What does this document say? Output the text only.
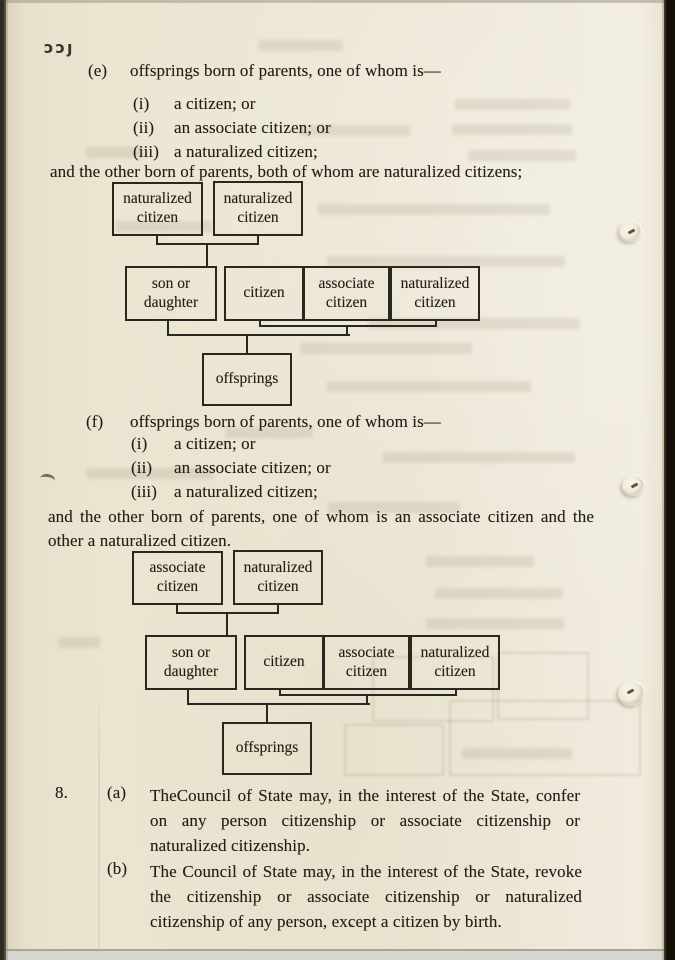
ɔɔȷ
(e) offsprings born of parents, one of whom is—
(i) a citizen; or
(ii) an associate citizen; or
(iii) a naturalized citizen;
and the other born of parents, both of whom are naturalized citizens;
naturalized citizen
naturalized citizen
son or daughter
citizen
associate citizen
naturalized citizen
offsprings
(f) offsprings born of parents, one of whom is—
(i) a citizen; or
(ii) an associate citizen; or
(iii) a naturalized citizen;
and the other born of parents, one of whom is an associate citizen and the other a naturalized citizen.
associate citizen
naturalized citizen
son or daughter
citizen
associate citizen
naturalized citizen
offsprings
8. (a) TheCouncil of State may, in the interest of the State, confer on any person citizenship or associate citizenship or naturalized citizenship.
(b) The Council of State may, in the interest of the State, revoke the citizenship or associate citizenship or naturalized citizenship of any person, except a citizen by birth.
